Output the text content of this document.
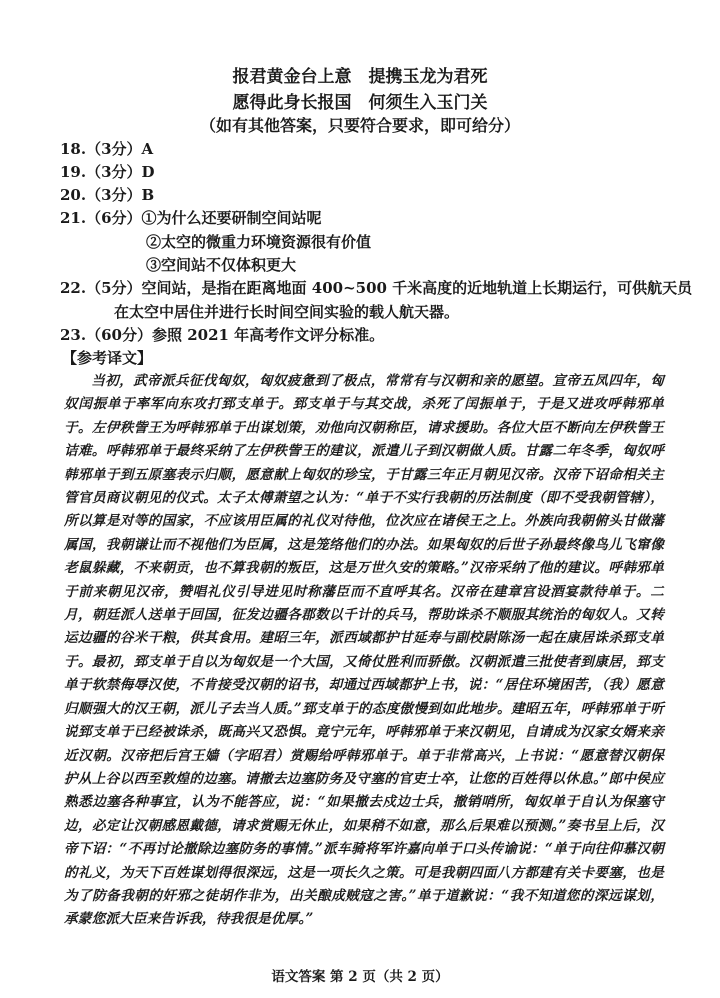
报君黄金台上意　提携玉龙为君死
愿得此身长报国　何须生入玉门关
（如有其他答案，只要符合要求，即可给分）
18.（3分）A
19.（3分）D
20.（3分）B
21.（6分）①为什么还要研制空间站呢
②太空的微重力环境资源很有价值
③空间站不仅体积更大
22.（5分）空间站，是指在距离地面 400~500 千米高度的近地轨道上长期运行，可供航天员
在太空中居住并进行长时间空间实验的载人航天器。
23.（60分）参照 2021 年高考作文评分标准。
【参考译文】
当初，武帝派兵征伐匈奴，匈奴疲惫到了极点，常常有与汉朝和亲的愿望。宣帝五凤四年，匈奴闰振单于率军向东攻打郅支单于。郅支单于与其交战，杀死了闰振单于，于是又进攻呼韩邪单于。左伊秩訾王为呼韩邪单于出谋划策，劝他向汉朝称臣，请求援助。各位大臣不断向左伊秩訾王诘难。呼韩邪单于最终采纳了左伊秩訾王的建议，派遣儿子到汉朝做人质。甘露二年冬季，匈奴呼韩邪单于到五原塞表示归顺，愿意献上匈奴的珍宝，于甘露三年正月朝见汉帝。汉帝下诏命相关主管官员商议朝见的仪式。太子太傅萧望之认为：“单于不实行我朝的历法制度（即不受我朝管辖），所以算是对等的国家，不应该用臣属的礼仪对待他，位次应在诸侯王之上。外族向我朝俯头甘做藩属国，我朝谦让而不视他们为臣属，这是笼络他们的办法。如果匈奴的后世子孙最终像鸟儿飞窜像老鼠躲藏，不来朝贡，也不算我朝的叛臣，这是万世久安的策略。”汉帝采纳了他的建议。呼韩邪单于前来朝见汉帝，赞唱礼仪引导进见时称藩臣而不直呼其名。汉帝在建章宫设酒宴款待单于。二月，朝廷派人送单于回国，征发边疆各郡数以千计的兵马，帮助诛杀不顺服其统治的匈奴人。又转运边疆的谷米干粮，供其食用。建昭三年，派西域都护甘延寿与副校尉陈汤一起在康居诛杀郅支单于。最初，郅支单于自以为匈奴是一个大国，又倚仗胜利而骄傲。汉朝派遣三批使者到康居，郅支单于软禁侮辱汉使，不肯接受汉朝的诏书，却通过西域都护上书，说：“居住环境困苦，（我）愿意归顺强大的汉王朝，派儿子去当人质。”郅支单于的态度傲慢到如此地步。建昭五年，呼韩邪单于听说郅支单于已经被诛杀，既高兴又恐惧。竟宁元年，呼韩邪单于来汉朝见，自请成为汉家女婿来亲近汉朝。汉帝把后宫王嫱（字昭君）赏赐给呼韩邪单于。单于非常高兴，上书说：“愿意替汉朝保护从上谷以西至敦煌的边塞。请撤去边塞防务及守塞的官吏士卒，让您的百姓得以休息。”郎中侯应熟悉边塞各种事宜，认为不能答应，说：“如果撤去戍边士兵，撤销哨所，匈奴单于自认为保塞守边，必定让汉朝感恩戴德，请求赏赐无休止，如果稍不如意，那么后果难以预测。”奏书呈上后，汉帝下诏：“不再讨论撤除边塞防务的事情。”派车骑将军许嘉向单于口头传谕说：“单于向往仰慕汉朝的礼义，为天下百姓谋划得很深远，这是一项长久之策。可是我朝四面八方都建有关卡要塞，也是为了防备我朝的奸邪之徒胡作非为，出关酿成贼寇之害。”单于道歉说：“我不知道您的深远谋划，承蒙您派大臣来告诉我，待我很是优厚。”
语文答案 第 2 页（共 2 页）
